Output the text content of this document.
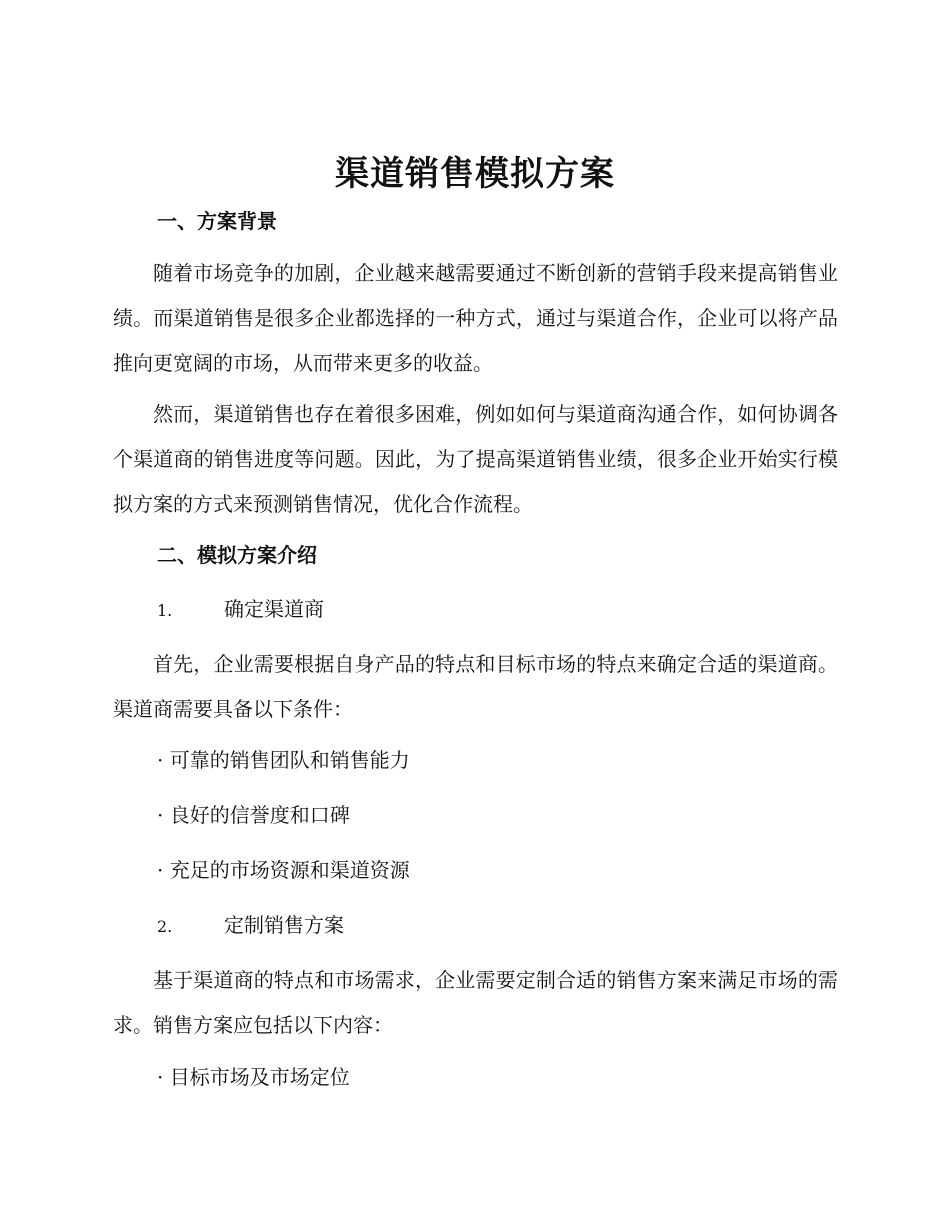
渠道销售模拟方案
一、方案背景

随着市场竞争的加剧，企业越来越需要通过不断创新的营销手段来提高销售业绩。而渠道销售是很多企业都选择的一种方式，通过与渠道合作，企业可以将产品推向更宽阔的市场，从而带来更多的收益。

然而，渠道销售也存在着很多困难，例如如何与渠道商沟通合作，如何协调各个渠道商的销售进度等问题。因此，为了提高渠道销售业绩，很多企业开始实行模拟方案的方式来预测销售情况，优化合作流程。

二、模拟方案介绍
1.	确定渠道商

首先，企业需要根据自身产品的特点和目标市场的特点来确定合适的渠道商。渠道商需要具备以下条件：

· 可靠的销售团队和销售能力
· 良好的信誉度和口碑
· 充足的市场资源和渠道资源
2.	定制销售方案

基于渠道商的特点和市场需求，企业需要定制合适的销售方案来满足市场的需求。销售方案应包括以下内容：

· 目标市场及市场定位
